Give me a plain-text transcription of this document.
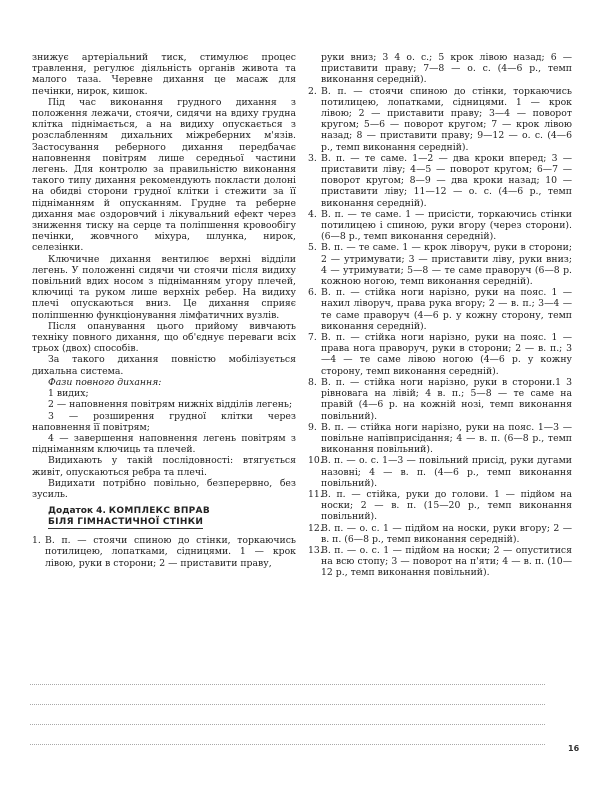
знижує артеріальний тиск, стимулює процес травлення, регулює діяльність органів живота та малого таза. Черевне дихання це масаж для печінки, нирок, кишок.

Під час виконання грудного дихання з положення лежачи, стоячи, сидячи на вдиху грудна клітка піднімається, а на видиху опускається з розслабленням дихальних міжреберних м'язів. Застосування реберного дихання передбачає наповнення повітрям лише середньої частини легень. Для контролю за правильністю виконання такого типу дихання рекомендують покласти долоні на обидві сторони грудної клітки і стежити за її підніманням й опусканням. Грудне та реберне дихання має оздоровчий і лікувальний ефект через зниження тиску на серце та поліпшення кровообігу печінки, жовчного міхура, шлунка, нирок, селезінки.

Ключичне дихання вентилює верхні відділи легень. У положенні сидячи чи стоячи після видиху повільний вдих носом з підніманням угору плечей, ключиці та руком лише верхніх ребер. На видиху плечі опускаються вниз. Це дихання сприяє поліпшенню функціонування лімфатичних вузлів.

Після опанування цього прийому вивчають техніку повного дихання, що об'єднує переваги всіх трьох (двох) способів.

За такого дихання повністю мобілізується дихальна система.

Фази повного дихання:

1 видих;

2 — наповнення повітрям нижніх відділів легень;

3 — розширення грудної клітки через наповнення її повітрям;

4 — завершення наповнення легень повітрям з підніманням ключиць та плечей.

Видихають у такій послідовності: втягується живіт, опускаються ребра та плечі.

Видихати потрібно повільно, безперервно, без зусиль.

Додаток 4. КОМПЛЕКС ВПРАВ
БІЛЯ ГІМНАСТИЧНОЇ СТІНКИ
1. В. п. — стоячи спиною до стінки, торкаючись потилицею, лопатками, сідницями. 1 — крок лівою, руки в сторони; 2 — приставити праву,

руки вниз; 3 4 о. с.; 5 крок лівою назад; 6 — приставити праву; 7—8 — о. с. (4—6 р., темп виконання середній).

2. В. п. — стоячи спиною до стінки, торкаючись потилицею, лопатками, сідницями. 1 — крок лівою; 2 — приставити праву; 3—4 — поворот кругом; 5—6 — поворот кругом; 7 — крок лівою назад; 8 — приставити праву; 9—12 — о. с. (4—6 р., темп виконання середній).
3. В. п. — те саме. 1—2 — два кроки вперед; 3 — приставити ліву; 4—5 — поворот кругом; 6—7 — поворот кругом; 8—9 — два кроки назад; 10 — приставити ліву; 11—12 — о. с. (4—6 р., темп виконання середній).
4. В. п. — те саме. 1 — присісти, торкаючись стінки потилицею і спиною, руки вгору (через сторони). (6—8 р., темп виконання середній).
5. В. п. — те саме. 1 — крок ліворуч, руки в сторони; 2 — утримувати; 3 — приставити ліву, руки вниз; 4 — утримувати; 5—8 — те саме праворуч (6—8 р. кожною ногою, темп виконання середній).
6. В. п. — стійка ноги нарізно, руки на пояс. 1 — нахил ліворуч, права рука вгору; 2 — в. п.; 3—4 — те саме праворуч (4—6 р. у кожну сторону, темп виконання середній).
7. В. п. — стійка ноги нарізно, руки на пояс. 1 — права нога праворуч, руки в сторони; 2 — в. п.; 3—4 — те саме лівою ногою (4—6 р. у кожну сторону, темп виконання середній).
8. В. п. — стійка ноги нарізно, руки в сторони.1 3 рівновага на лівій; 4 в. п.; 5—8 — те саме на правій (4—6 р. на кожній нозі, темп виконання повільний).
9. В. п. — стійка ноги нарізно, руки на пояс. 1—3 — повільне напівприсідання; 4 — в. п. (6—8 р., темп виконання повільний).
10.
В. п. — о. с. 1—3 — повільний присід, руки дугами назовні; 4 — в. п. (4—6 р., темп виконання повільний).
11.
В. п. — стійка, руки до голови. 1 — підйом на носки; 2 — в. п. (15—20 р., темп виконання повільний).
12.
В. п. — о. с. 1 — підйом на носки, руки вгору; 2 — в. п. (6—8 р., темп виконання середній).
13.
В. п. — о. с. 1 — підйом на носки; 2 — опуститися на всю стопу; 3 — поворот на п'яти; 4 — в. п. (10—12 р., темп виконання повільний).
16
